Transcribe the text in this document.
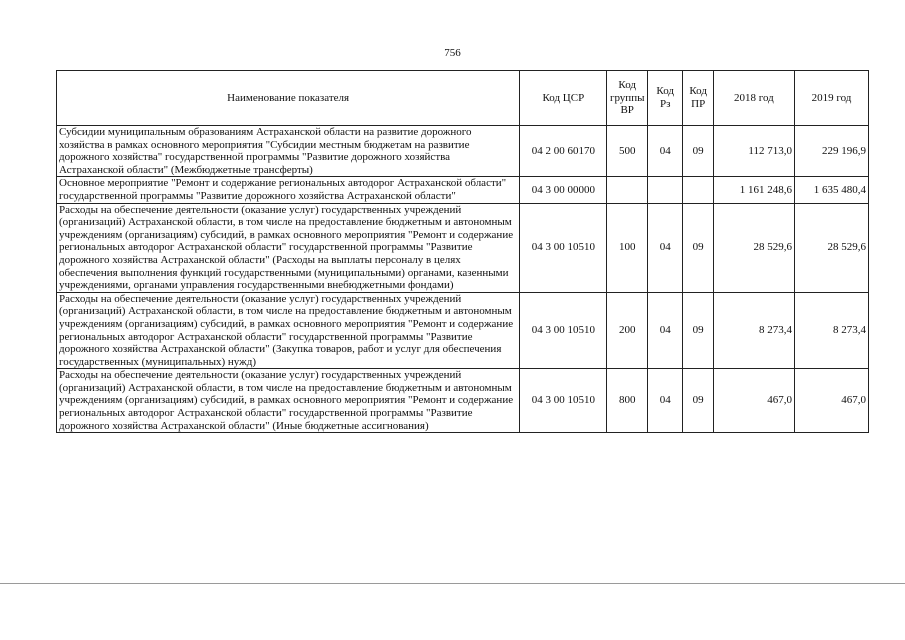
756
Наименование показателя	Код ЦСР	Код группы ВР	Код Рз	Код ПР	2018 год	2019 год
Субсидии муниципальным образованиям Астраханской области на развитие дорожного хозяйства в рамках основного мероприятия "Субсидии местным бюджетам на развитие дорожного хозяйства" государственной программы "Развитие дорожного хозяйства Астраханской области" (Межбюджетные трансферты)	04 2 00 60170	500	04	09	112 713,0	229 196,9
Основное мероприятие "Ремонт и содержание региональных автодорог Астраханской области" государственной программы "Развитие дорожного хозяйства Астраханской области"	04 3 00 00000				1 161 248,6	1 635 480,4
Расходы на обеспечение деятельности (оказание услуг) государственных учреждений (организаций) Астраханской области, в том числе на предоставление бюджетным и автономным учреждениям (организациям) субсидий, в рамках основного мероприятия "Ремонт и содержание региональных автодорог Астраханской области" государственной программы "Развитие дорожного хозяйства Астраханской области" (Расходы на выплаты персоналу в целях обеспечения выполнения функций государственными (муниципальными) органами, казенными учреждениями, органами управления государственными внебюджетными фондами)	04 3 00 10510	100	04	09	28 529,6	28 529,6
Расходы на обеспечение деятельности (оказание услуг) государственных учреждений (организаций) Астраханской области, в том числе на предоставление бюджетным и автономным учреждениям (организациям) субсидий, в рамках основного мероприятия "Ремонт и содержание региональных автодорог Астраханской области" государственной программы "Развитие дорожного хозяйства Астраханской области" (Закупка товаров, работ и услуг для обеспечения государственных (муниципальных) нужд)	04 3 00 10510	200	04	09	8 273,4	8 273,4
Расходы на обеспечение деятельности (оказание услуг) государственных учреждений (организаций) Астраханской области, в том числе на предоставление бюджетным и автономным учреждениям (организациям) субсидий, в рамках основного мероприятия "Ремонт и содержание региональных автодорог Астраханской области" государственной программы "Развитие дорожного хозяйства Астраханской области" (Иные бюджетные ассигнования)	04 3 00 10510	800	04	09	467,0	467,0
